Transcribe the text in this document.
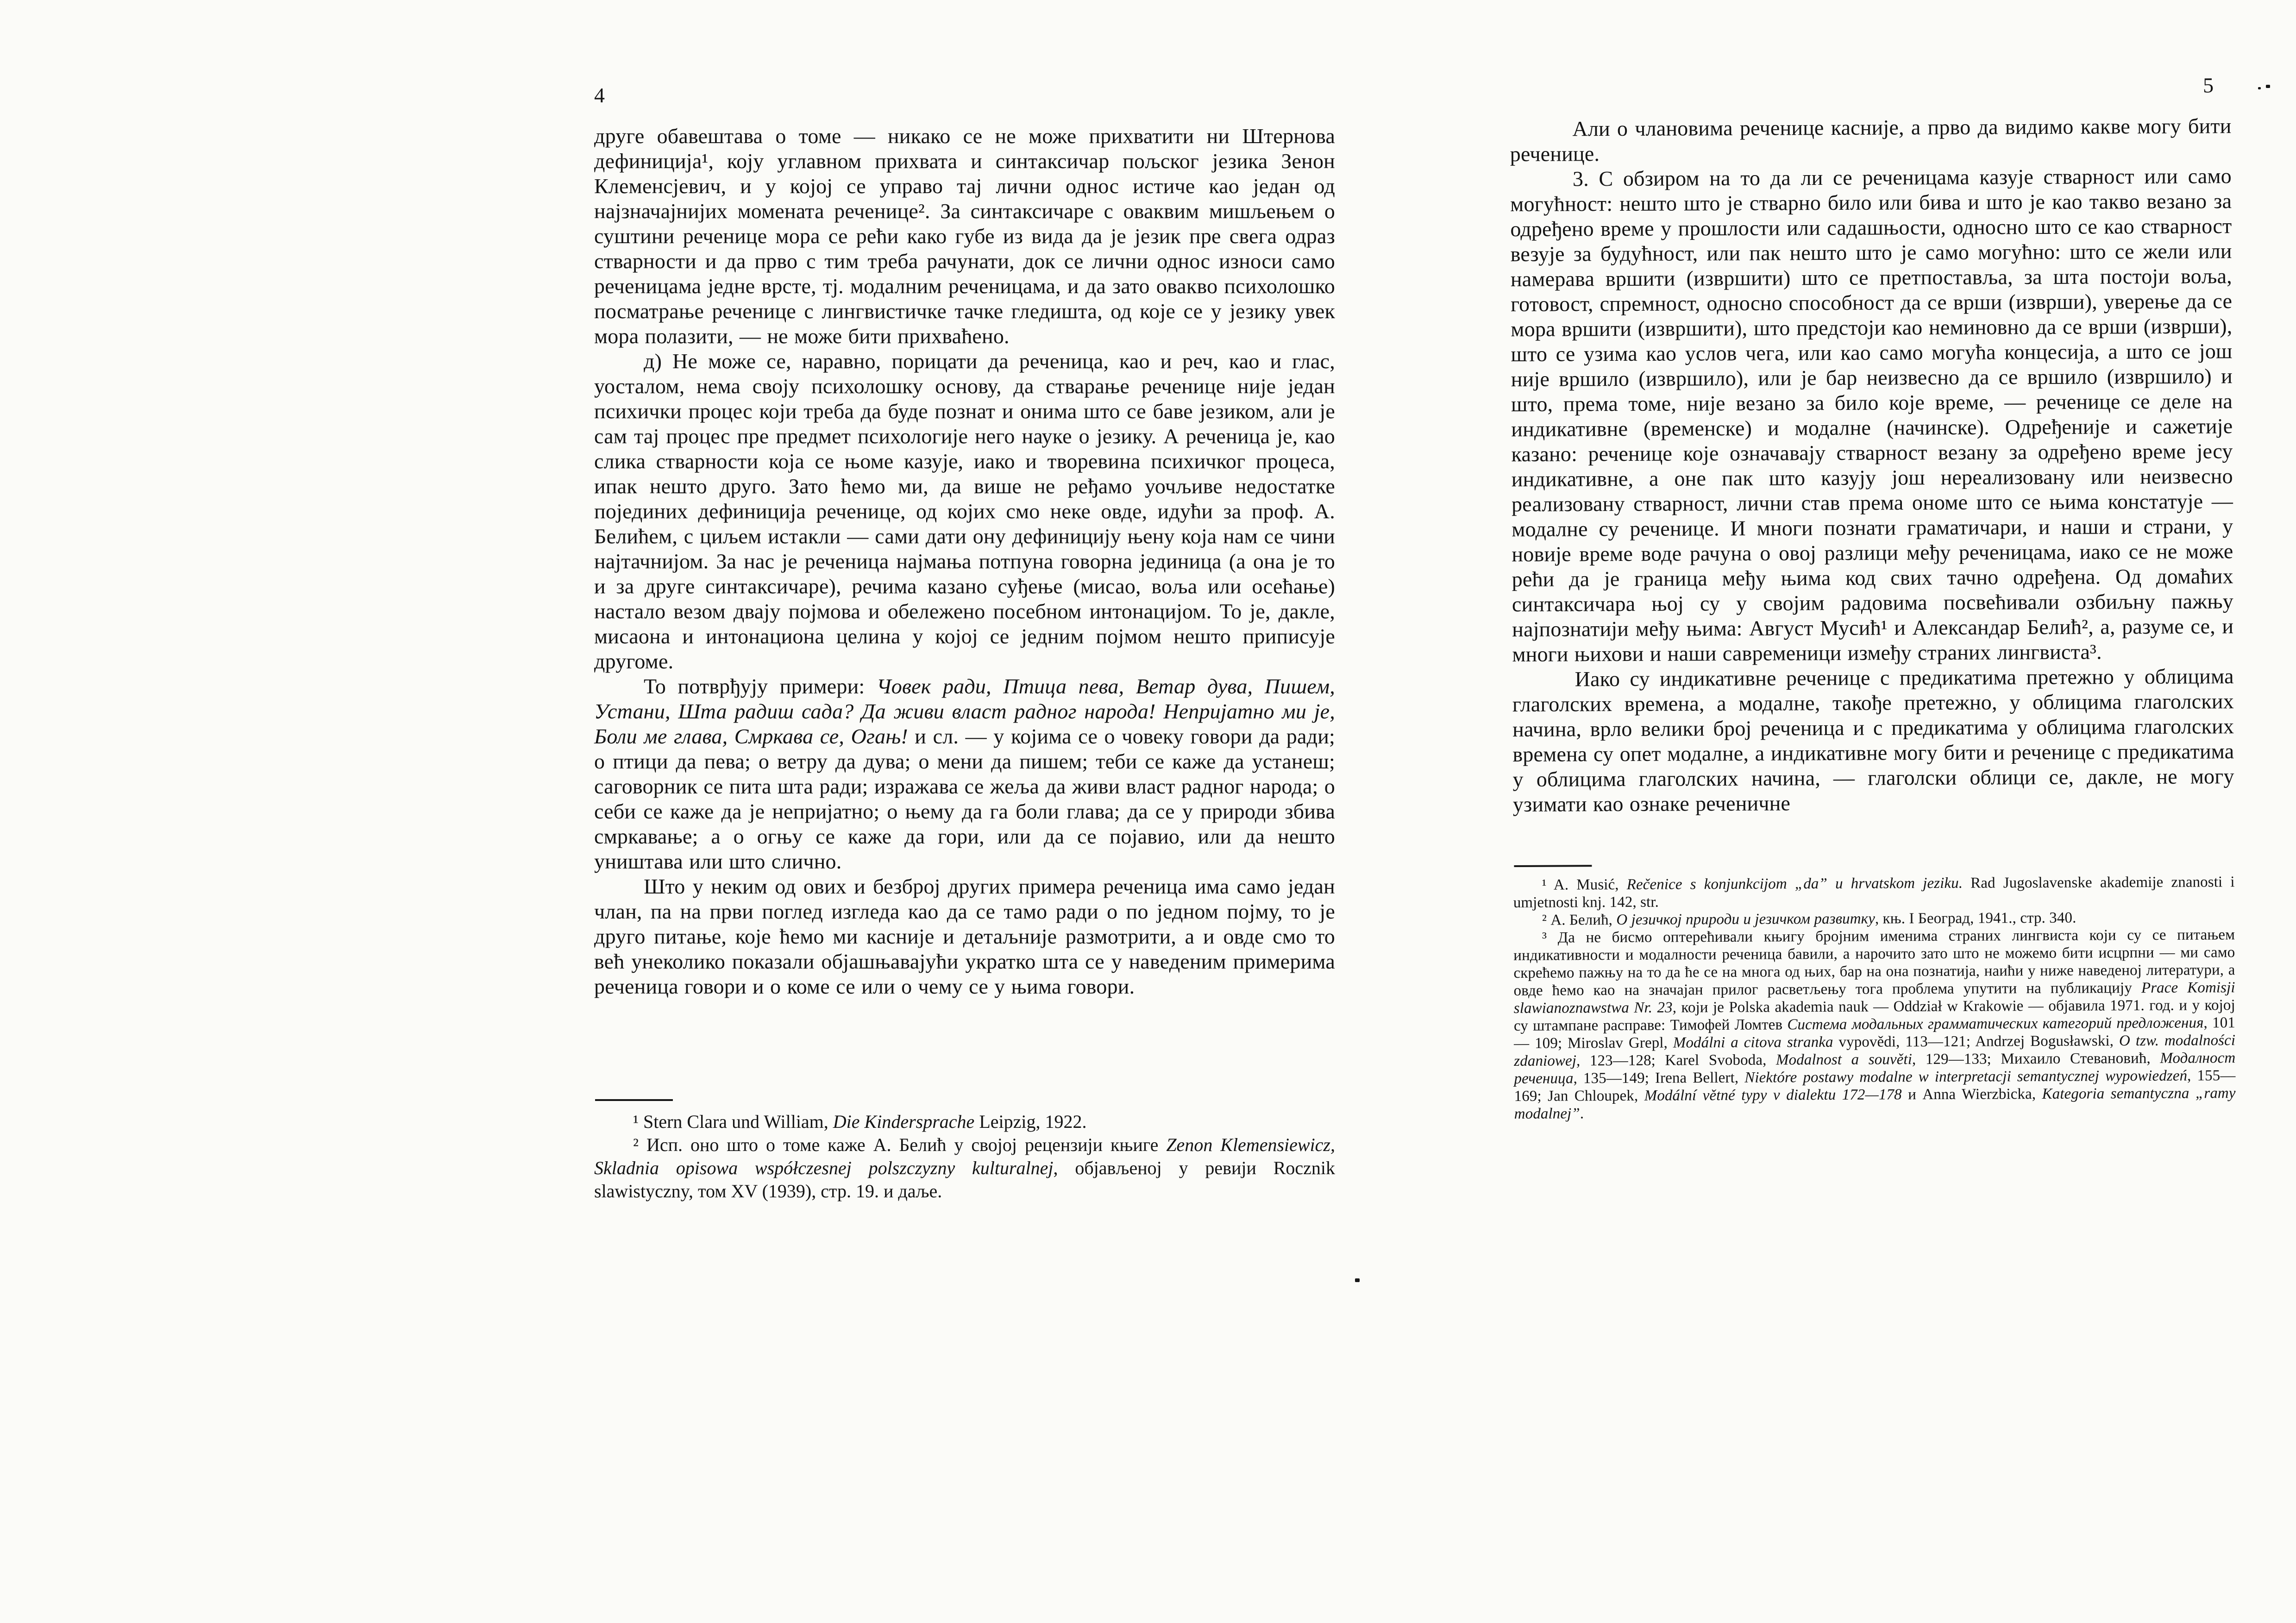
4

друге обавештава о томе — никако се не може прихватити ни Штернова дефиниција¹, коју углавном прихвата и синтаксичар пољског језика Зенон Клеменсјевич, и у којој се управо тај лични однос истиче као један од најзначајнијих момената реченице². За синтаксичаре с оваквим мишљењем о суштини реченице мора се рећи како губе из вида да је језик пре свега одраз стварности и да прво с тим треба рачунати, док се лични однос износи само реченицама једне врсте, тј. модалним реченицама, и да зато овакво психолошко посматрање реченице с лингвистичке тачке гледишта, од које се у језику увек мора полазити, — не може бити прихваћено.

д) Не може се, наравно, порицати да реченица, као и реч, као и глас, уосталом, нема своју психолошку основу, да стварање реченице није један психички процес који треба да буде познат и онима што се баве језиком, али је сам тај процес пре предмет психологије него науке о језику. А реченица је, као слика стварности која се њоме казује, иако и творевина психичког процеса, ипак нешто друго. Зато ћемо ми, да више не ређамо уочљиве недостатке појединих дефиниција реченице, од којих смо неке овде, идући за проф. А. Белићем, с циљем истакли — сами дати ону дефиницију њену која нам се чини најтачнијом. За нас је реченица најмања потпуна говорна јединица (а она је то и за друге синтаксичаре), речима казано суђење (мисао, воља или осећање) настало везом двају појмова и обележено посебном интонацијом. То је, дакле, мисаона и интонациона целина у којој се једним појмом нешто приписује другоме.

То потврђују примери: Човек ради, Птица пева, Ветар дува, Пишем, Устани, Шта радиш сада? Да живи власт радног народа! Непријатно ми је, Боли ме глава, Смркава се, Огањ! и сл. — у којима се о човеку говори да ради; о птици да пева; о ветру да дува; о мени да пишем; теби се каже да устанеш; саговорник се пита шта ради; изражава се жеља да живи власт радног народа; о себи се каже да је непријатно; о њему да га боли глава; да се у природи збива смркавање; а о огњу се каже да гори, или да се појавио, или да нешто уништава или што слично.

Што у неким од ових и безброј других примера реченица има само један члан, па на први поглед изгледа као да се тамо ради о по једном појму, то је друго питање, које ћемо ми касније и детаљније размотрити, а и овде смо то већ унеколико показали објашњавајући укратко шта се у наведеним примерима реченица говори и о коме се или о чему се у њима говори.

¹ Stern Clara und William, Die Kindersprache Leipzig, 1922.

² Исп. оно што о томе каже А. Белић у својој рецензији књиге Zenon Klemensiewicz, Skladnia opisowa współczesnej polszczyzny kulturalnej, објављеној у ревији Rocznik slawistyczny, том XV (1939), стр. 19. и даље.

5

Али о члановима реченице касније, а прво да видимо какве могу бити реченице.

3. С обзиром на то да ли се реченицама казује стварност или само могућност: нешто што је стварно било или бива и што је као такво везано за одређено време у прошлости или садашњости, односно што се као стварност везује за будућност, или пак нешто што је само могућно: што се жели или намерава вршити (извршити) што се претпоставља, за шта постоји воља, готовост, спремност, односно способност да се врши (изврши), уверење да се мора вршити (извршити), што предстоји као неминовно да се врши (изврши), што се узима као услов чега, или као само могућа концесија, а што се још није вршило (извршило), или је бар неизвесно да се вршило (извршило) и што, према томе, није везано за било које време, — реченице се деле на индикативне (временске) и модалне (начинске). Одређеније и сажетије казано: реченице које означавају стварност везану за одређено време јесу индикативне, а оне пак што казују још нереализовану или неизвесно реализовану стварност, лични став према ономе што се њима констатује — модалне су реченице. И многи познати граматичари, и наши и страни, у новије време воде рачуна о овој разлици међу реченицама, иако се не може рећи да је граница међу њима код свих тачно одређена. Од домаћих синтаксичара њој су у својим радовима посвећивали озбиљну пажњу најпознатији међу њима: Август Мусић¹ и Александар Белић², а, разуме се, и многи њихови и наши савременици између страних лингвиста³.

Иако су индикативне реченице с предикатима претежно у облицима глаголских времена, а модалне, такође претежно, у облицима глаголских начина, врло велики број реченица и с предикатима у облицима глаголских времена су опет модалне, а индикативне могу бити и реченице с предикатима у облицима глаголских начина, — глаголски облици се, дакле, не могу узимати као ознаке реченичне

¹ A. Musić, Rečenice s konjunkcijom „da” u hrvatskom jeziku. Rad Jugoslavenske akademije znanosti i umjetnosti knj. 142, str.

² А. Белић, О језичкој природи и језичком развитку, књ. I Београд, 1941., стр. 340.

³ Да не бисмо оптерећивали књигу бројним именима страних лингвиста који су се питањем индикативности и модалности реченица бавили, а нарочито зато што не можемо бити исцрпни — ми само скрећемо пажњу на то да ће се на многа од њих, бар на она познатија, наићи у ниже наведеној литератури, а овде ћемо као на значајан прилог расветљењу тога проблема упутити на публикацију Prace Komisji slawianoznawstwa Nr. 23, који је Polska akademia nauk — Oddział w Krakowie — објавила 1971. год. и у којој су штампане расправе: Тимофей Ломтев Система модальных грамматических категорий предложения, 101— 109; Miroslav Grepl, Modálni a citova stranka vypovědi, 113—121; Andrzej Bogusławski, O tzw. modalności zdaniowej, 123—128; Karel Svoboda, Modalnost a souvěti, 129—133; Михаило Стевановић, Модалност реченица, 135—149; Irena Bellert, Niektóre postawy modalne w interpretacji semantycznej wypowiedzeń, 155—169; Jan Chloupek, Modální větné typy v dialektu 172—178 и Anna Wierzbicka, Kategoria semantyczna „ramy modalnej”.
